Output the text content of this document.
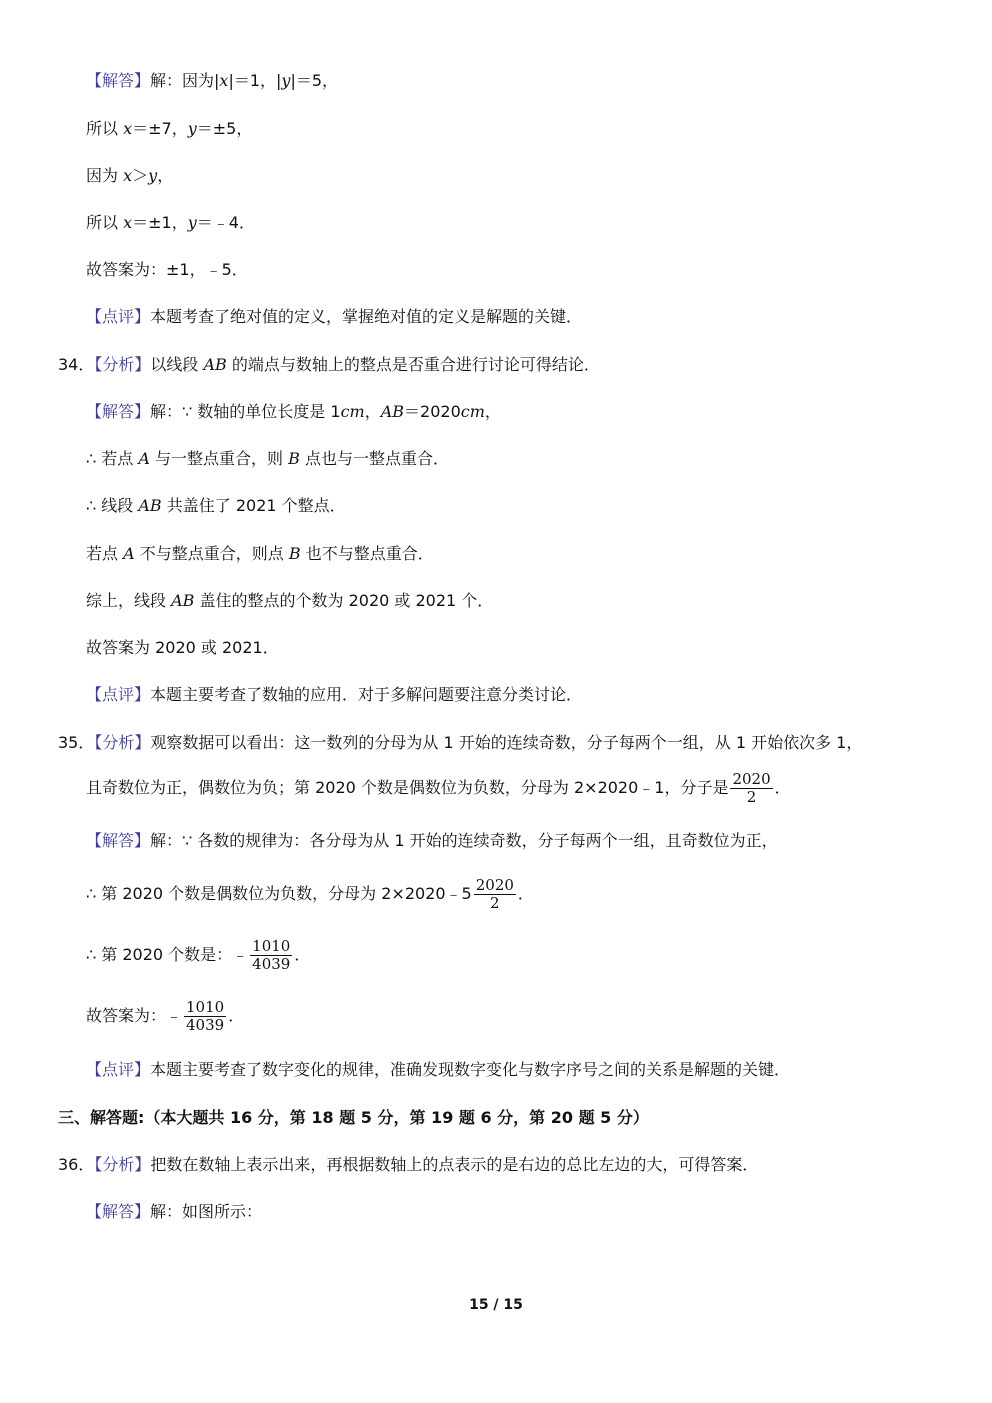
【解答】解：因为|x|＝1，|y|＝5，
所以 x＝±7，y＝±5，
因为 x＞y，
所以 x＝±1，y＝﹣4．
故答案为：±1，﹣5．
【点评】本题考查了绝对值的定义，掌握绝对值的定义是解题的关键．
34．【分析】以线段 AB 的端点与数轴上的整点是否重合进行讨论可得结论．
【解答】解：∵ 数轴的单位长度是 1cm，AB＝2020cm，
∴ 若点 A 与一整点重合，则 B 点也与一整点重合．
∴ 线段 AB 共盖住了 2021 个整点．
若点 A 不与整点重合，则点 B 也不与整点重合．
综上，线段 AB 盖住的整点的个数为 2020 或 2021 个．
故答案为 2020 或 2021．
【点评】本题主要考查了数轴的应用．对于多解问题要注意分类讨论．
35．【分析】观察数据可以看出：这一数列的分母为从 1 开始的连续奇数，分子每两个一组，从 1 开始依次多 1，
且奇数位为正，偶数位为负；第 2020 个数是偶数位为负数，分母为 2×2020﹣1，分子是 $\frac{2020}{2}$ ．
【解答】解：∵ 各数的规律为：各分母为从 1 开始的连续奇数，分子每两个一组，且奇数位为正，
∴ 第 2020 个数是偶数位为负数，分母为 2×2020﹣5 $\frac{2020}{2}$ ．
∴ 第 2020 个数是：﹣ $\frac{1010}{4039}$ ．
故答案为：﹣ $\frac{1010}{4039}$ ．
【点评】本题主要考查了数字变化的规律，准确发现数字变化与数字序号之间的关系是解题的关键．
三、解答题:（本大题共 16 分，第 18 题 5 分，第 19 题 6 分，第 20 题 5 分）
36．【分析】把数在数轴上表示出来，再根据数轴上的点表示的是右边的总比左边的大，可得答案．
【解答】解：如图所示：
15 / 15
